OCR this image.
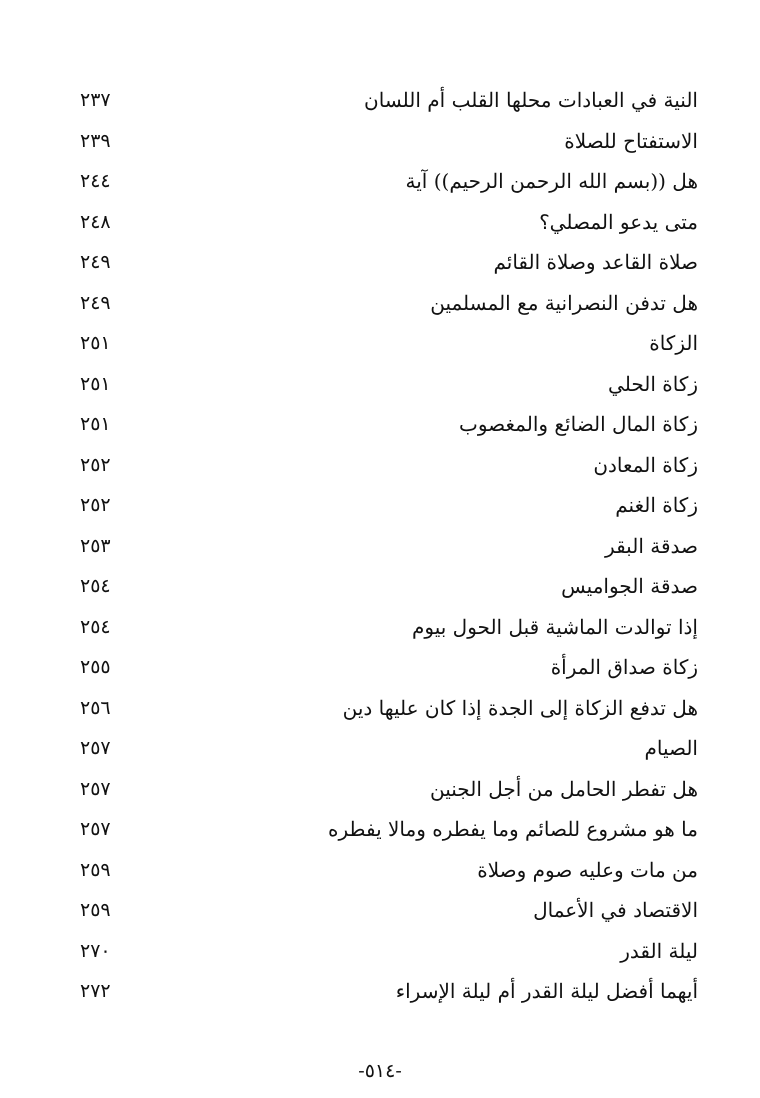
٢٣٧	النية في العبادات محلها القلب أم اللسان
٢٣٩	الاستفتاح للصلاة
٢٤٤	هل ((بسم الله الرحمن الرحيم)) آية
٢٤٨	متى يدعو المصلي؟
٢٤٩	صلاة القاعد وصلاة القائم
٢٤٩	هل تدفن النصرانية مع المسلمين
٢٥١	الزكاة
٢٥١	زكاة الحلي
٢٥١	زكاة المال الضائع والمغصوب
٢٥٢	زكاة المعادن
٢٥٢	زكاة الغنم
٢٥٣	صدقة البقر
٢٥٤	صدقة الجواميس
٢٥٤	إذا توالدت الماشية قبل الحول بيوم
٢٥٥	زكاة صداق المرأة
٢٥٦	هل تدفع الزكاة إلى الجدة إذا كان عليها دين
٢٥٧	الصيام
٢٥٧	هل تفطر الحامل من أجل الجنين
٢٥٧	ما هو مشروع للصائم وما يفطره ومالا يفطره
٢٥٩	من مات وعليه صوم وصلاة
٢٥٩	الاقتصاد في الأعمال
٢٧٠	ليلة القدر
٢٧٢	أيهما أفضل ليلة القدر أم ليلة الإسراء
-٥١٤-
